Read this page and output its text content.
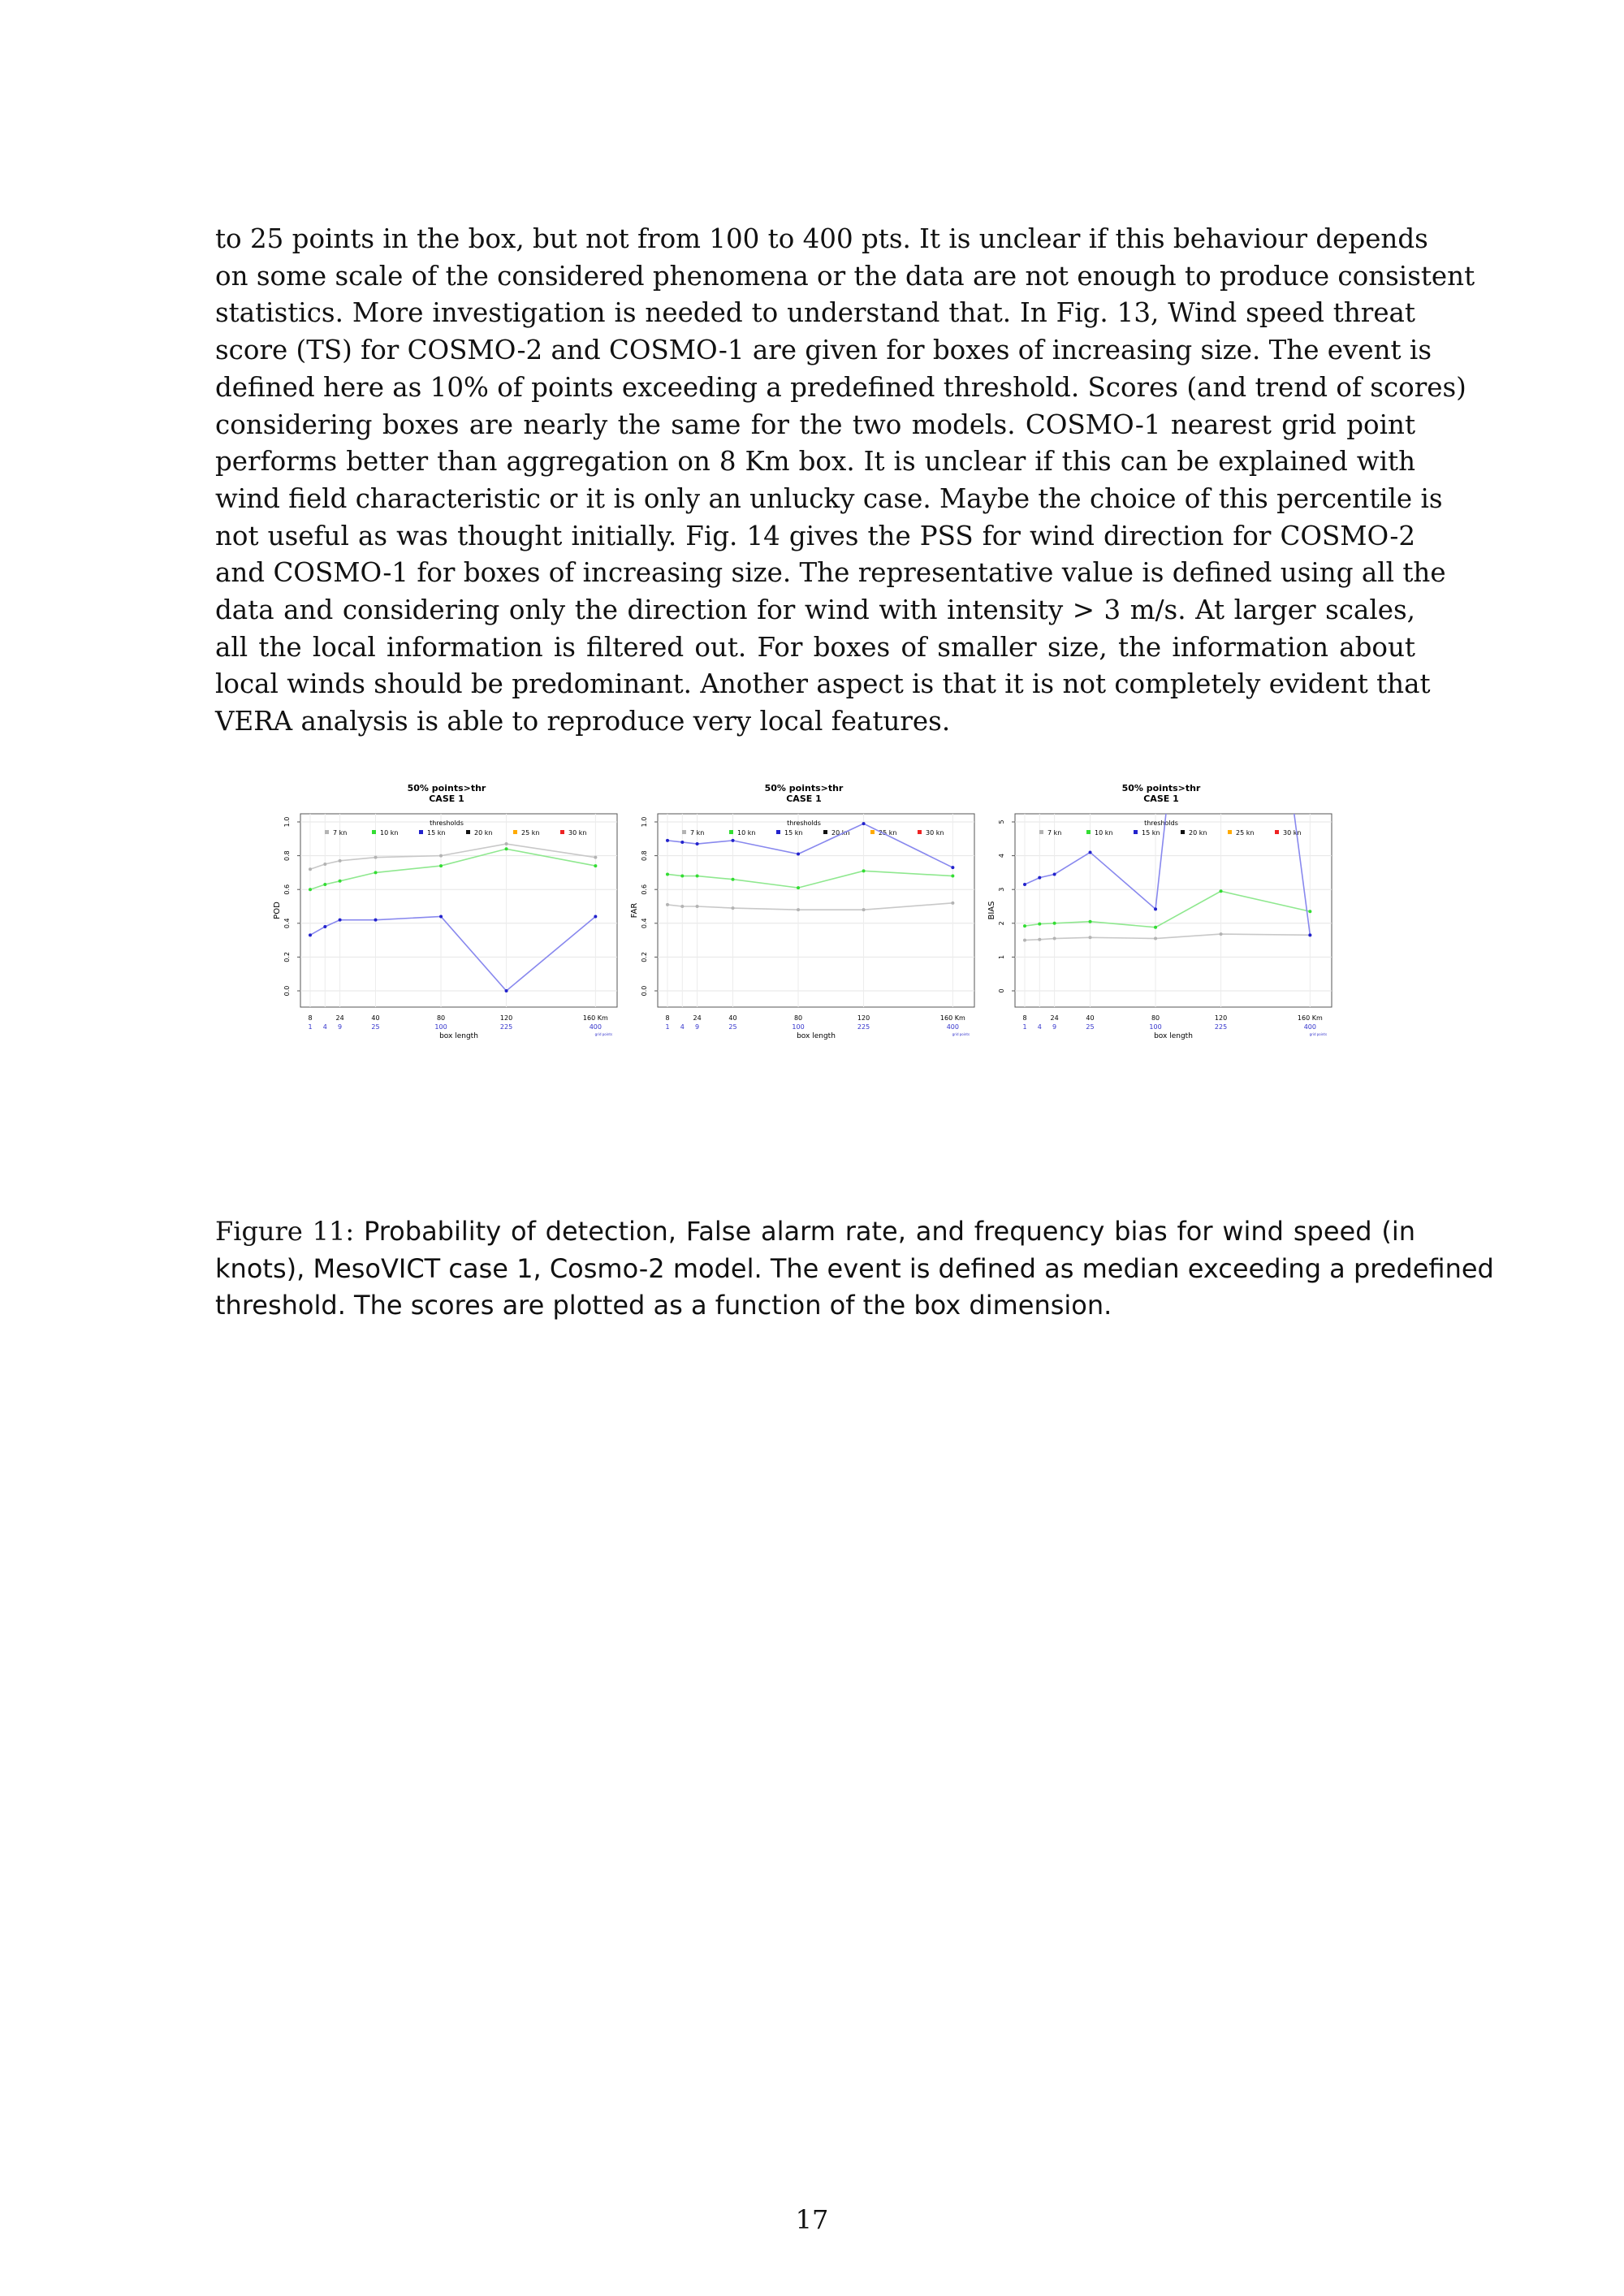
to 25 points in the box, but not from 100 to 400 pts. It is unclear if this behaviour depends
on some scale of the considered phenomena or the data are not enough to produce consistent
statistics. More investigation is needed to understand that. In Fig. 13, Wind speed threat
score (TS) for COSMO-2 and COSMO-1 are given for boxes of increasing size. The event is
defined here as 10% of points exceeding a predefined threshold. Scores (and trend of scores)
considering boxes are nearly the same for the two models. COSMO-1 nearest grid point
performs better than aggregation on 8 Km box. It is unclear if this can be explained with
wind field characteristic or it is only an unlucky case. Maybe the choice of this percentile is
not useful as was thought initially. Fig. 14 gives the PSS for wind direction for COSMO-2
and COSMO-1 for boxes of increasing size. The representative value is defined using all the
data and considering only the direction for wind with intensity > 3 m/s. At larger scales,
all the local information is filtered out. For boxes of smaller size, the information about
local winds should be predominant. Another aspect is that it is not completely evident that
VERA analysis is able to reproduce very local features.
50% points>thr
CASE 1
0.0
0.2
0.4
0.6
0.8
1.0
POD
thresholds
7 kn	10 kn	15 kn	20 kn	25 kn	30 kn
8	24	40	80	120	160 Km
1 4 9	25	100	225	400
grid points
box length
50% points>thr
CASE 1
0.0
0.2
0.4
0.6
0.8
1.0
FAR
thresholds
7 kn	10 kn	15 kn	20 kn	25 kn	30 kn
8	24	40	80	120	160 Km
1 4 9	25	100	225	400
grid points
box length
50% points>thr
CASE 1
0
1
2
3
4
5
BIAS
thresholds
7 kn	10 kn	15 kn	20 kn	25 kn	30 kn
8	24	40	80	120	160 Km
1 4 9	25	100	225	400
grid points
box length
Figure 11: Probability of detection, False alarm rate, and frequency bias for wind speed (in
knots), MesoVICT case 1, Cosmo-2 model. The event is defined as median exceeding a predefined
threshold. The scores are plotted as a function of the box dimension.
17
